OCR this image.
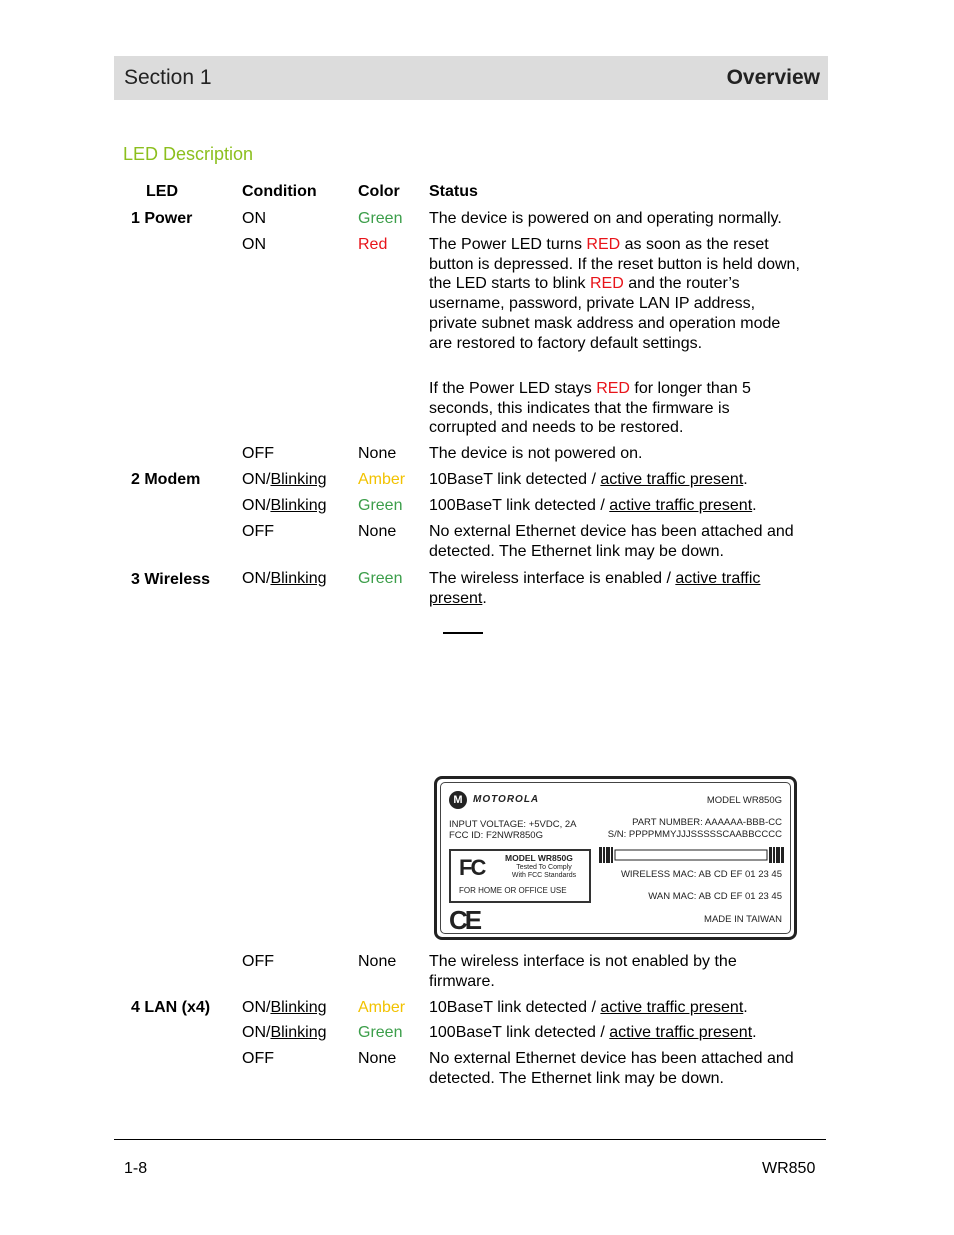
Section 1	Overview
LED Description
LED	Condition	Color Status
1 Power	ON	Green The device is powered on and operating normally.
ON	Red	The Power LED turns RED as soon as the reset button is depressed. If the reset button is held down, the LED starts to blink RED and the router’s username, password, private LAN IP address, private subnet mask address and operation mode are restored to factory default settings.
If the Power LED stays RED for longer than 5 seconds, this indicates that the firmware is corrupted and needs to be restored.
OFF	None The device is not powered on.
2 Modem	ON/Blinking Amber 10BaseT link detected / active traffic present.
ON/Blinking Green 100BaseT link detected / active traffic present.
OFF	None No external Ethernet device has been attached and detected. The Ethernet link may be down.
3 Wireless ON/Blinking Green The wireless interface is enabled / active traffic
present.
M	MOTOROLA	MODEL WR850G
INPUT VOLTAGE: +5VDC, 2A
FCC ID: F2NWR850G
PART NUMBER: AAAAAA-BBB-CC
S/N: PPPPMMYJJJSSSSSCAABBCCCC
FC MODEL WR850G
Tested To Comply With FCC Standards
FOR HOME OR OFFICE USE
WIRELESS MAC: AB CD EF 01 23 45
WAN MAC: AB CD EF 01 23 45
MADE IN TAIWAN
CE
OFF	None The wireless interface is not enabled by the firmware.
4 LAN (x4) ON/Blinking Amber 10BaseT link detected / active traffic present.
ON/Blinking Green 100BaseT link detected / active traffic present.
OFF	None No external Ethernet device has been attached and detected. The Ethernet link may be down.
1-8	WR850
